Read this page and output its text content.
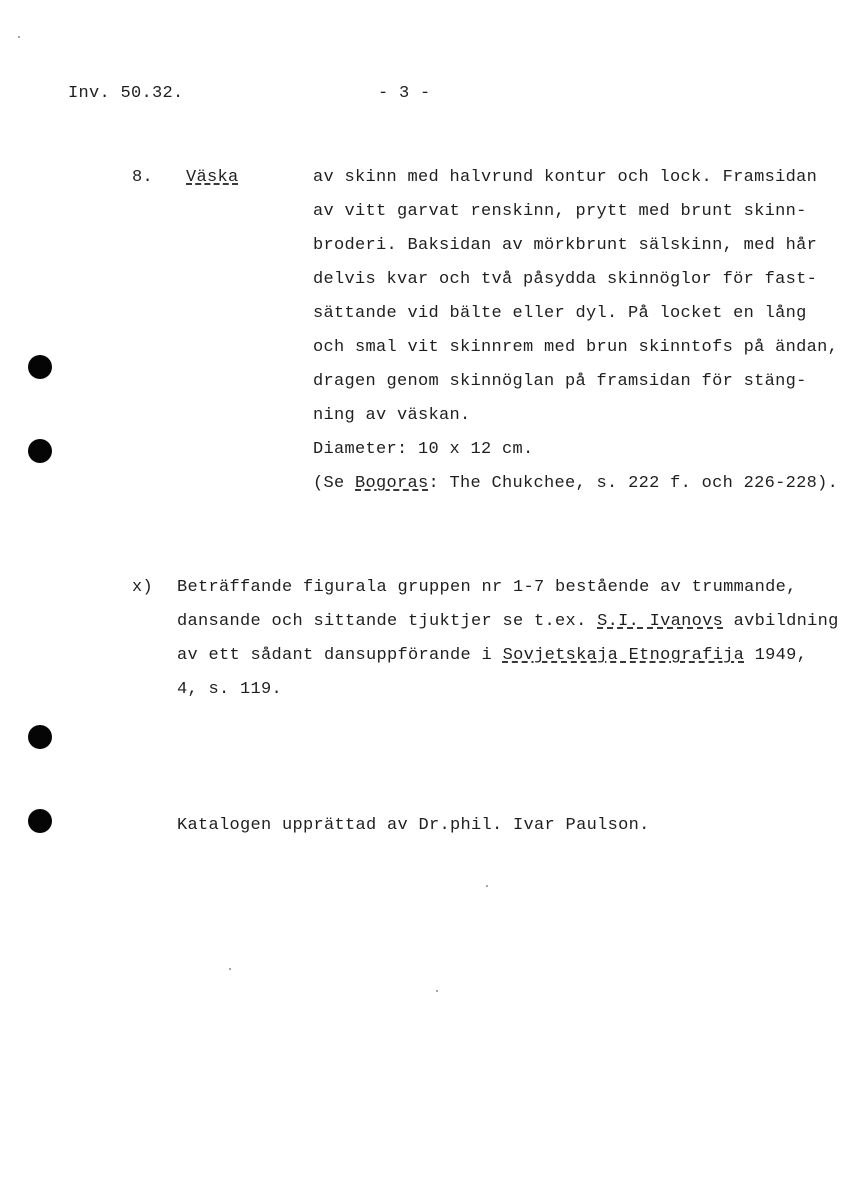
Inv. 50.32.	- 3 -
8. Väska	av skinn med halvrund kontur och lock. Framsidan
av vitt garvat renskinn, prytt med brunt skinn-
broderi. Baksidan av mörkbrunt sälskinn, med hår
delvis kvar och två påsydda skinnöglor för fast-
sättande vid bälte eller dyl. På locket en lång
och smal vit skinnrem med brun skinntofs på ändan,
dragen genom skinnöglan på framsidan för stäng-
ning av väskan.
Diameter: 10 x 12 cm.
(Se Bogoras: The Chukchee, s. 222 f. och 226-228).
x) Beträffande figurala gruppen nr 1-7 bestående av trummande,
dansande och sittande tjuktjer se t.ex. S.I. Ivanovs avbildning
av ett sådant dansuppförande i Sovjetskaja Etnografija 1949,
4, s. 119.
Katalogen upprättad av Dr.phil. Ivar Paulson.
